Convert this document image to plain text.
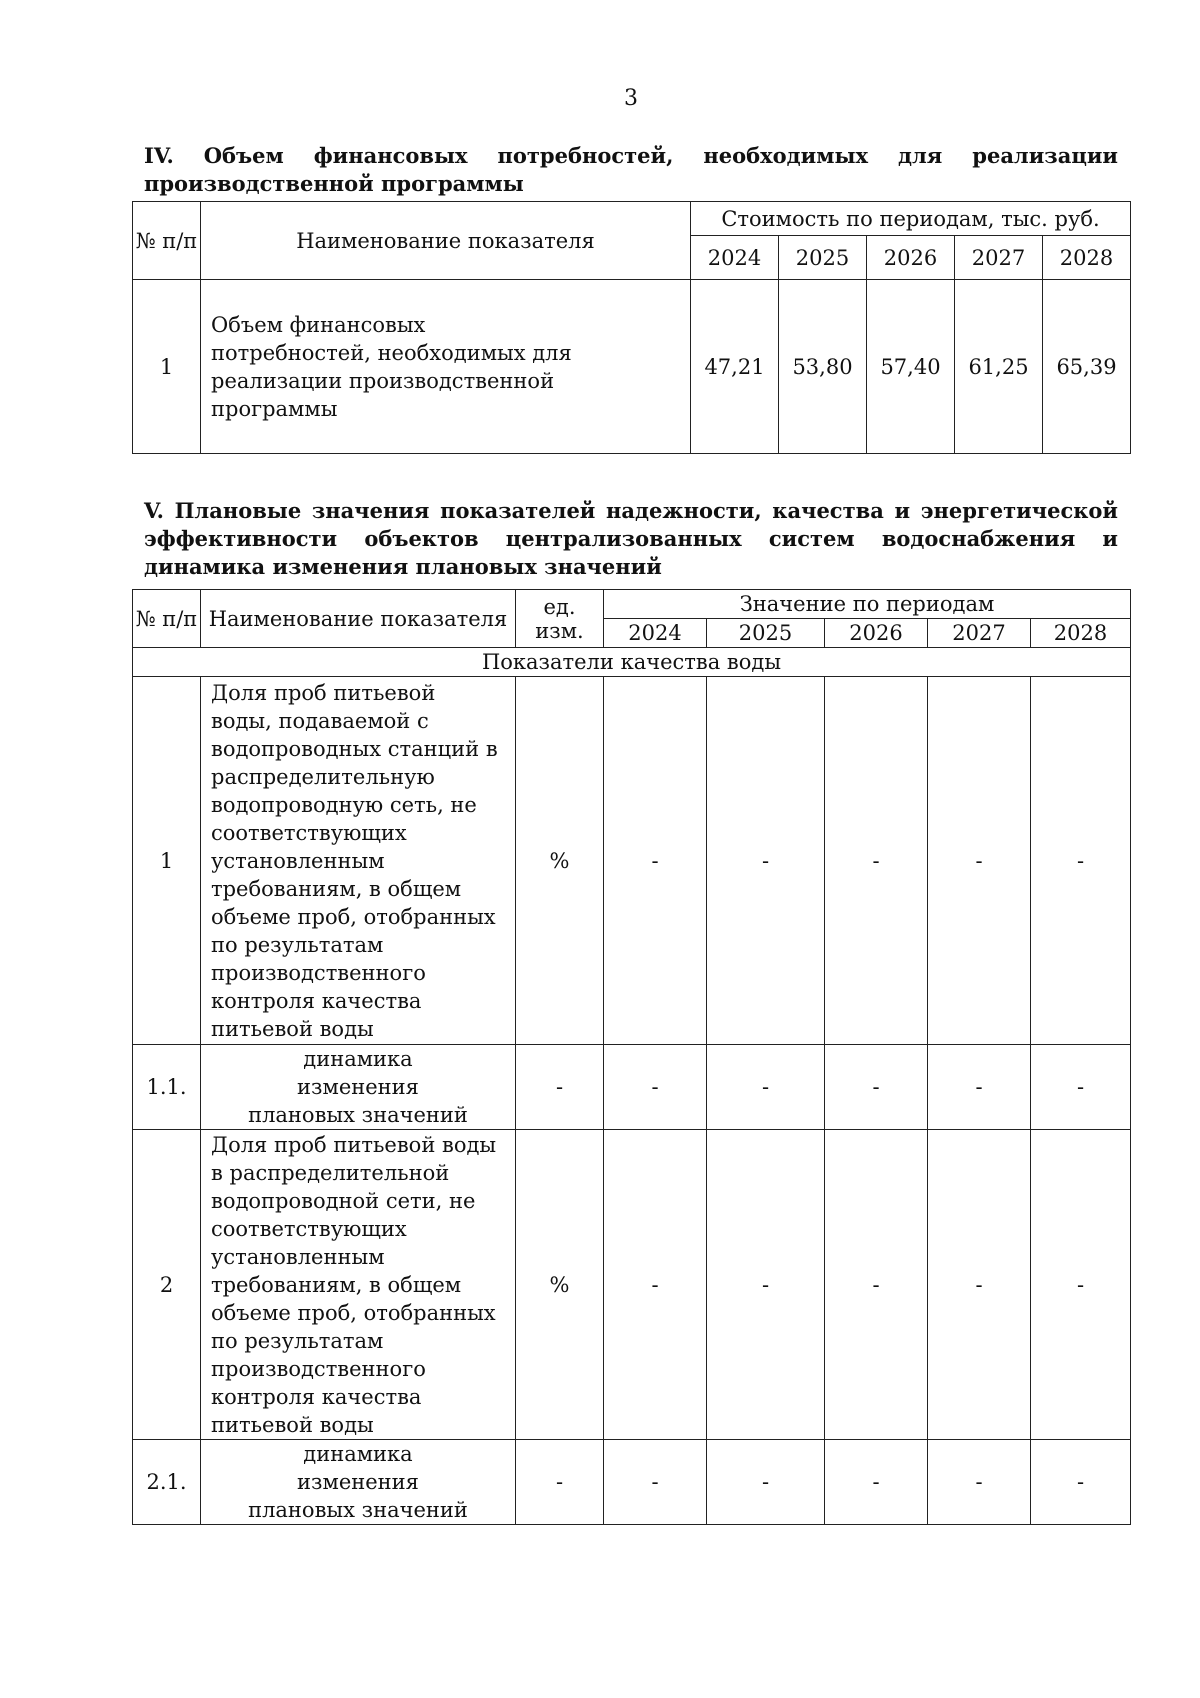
3

IV. Объем финансовых потребностей, необходимых для реализации производственной программы

№ п/п	Наименование показателя	Стоимость по периодам, тыс. руб.				
		2024	2025	2026	2027	2028
1	Объем финансовых потребностей, необходимых для реализации производственной программы	47,21	53,80	57,40	61,25	65,39

V. Плановые значения показателей надежности, качества и энергетической эффективности объектов централизованных систем водоснабжения и динамика изменения плановых значений

№ п/п	Наименование показателя	ед. изм.	Значение по периодам				
			2024	2025	2026	2027	2028
Показатели качества воды							
1	Доля проб питьевой воды, подаваемой с водопроводных станций в распределительную водопроводную сеть, не соответствующих установленным требованиям, в общем объеме проб, отобранных по результатам производственного контроля качества питьевой воды	%	-	-	-	-	-
1.1.	динамика изменения плановых значений	-	-	-	-	-	-
2	Доля проб питьевой воды в распределительной водопроводной сети, не соответствующих установленным требованиям, в общем объеме проб, отобранных по результатам производственного контроля качества питьевой воды	%	-	-	-	-	-
2.1.	динамика изменения плановых значений	-	-	-	-	-	-
